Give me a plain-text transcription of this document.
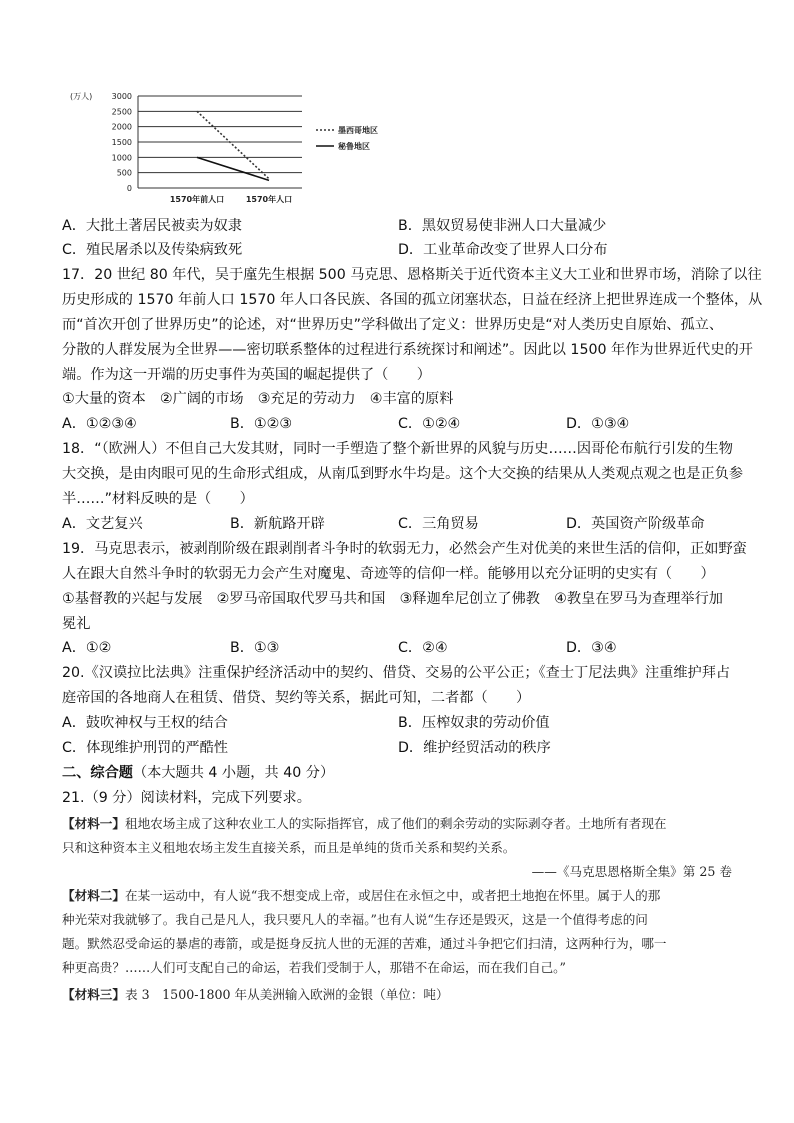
(万人)
0
500
1000
1500
2000
2500
3000
1570年前人口	1570年人口
墨西哥地区
秘鲁地区
A．大批土著居民被卖为奴隶	B．黑奴贸易使非洲人口大量减少
C．殖民屠杀以及传染病致死	D．工业革命改变了世界人口分布
17．20 世纪 80 年代，吴于廑先生根据 500 马克思、恩格斯关于近代资本主义大工业和世界市场，消除了以往
历史形成的 1570 年前人口 1570 年人口各民族、各国的孤立闭塞状态，日益在经济上把世界连成一个整体，从
而“首次开创了世界历史”的论述，对“世界历史”学科做出了定义：世界历史是“对人类历史自原始、孤立、
分散的人群发展为全世界——密切联系整体的过程进行系统探讨和阐述”。因此以 1500 年作为世界近代史的开
端。作为这一开端的历史事件为英国的崛起提供了（　　）
①大量的资本　②广阔的市场　③充足的劳动力　④丰富的原料
A．①②③④	B．①②③	C．①②④	D．①③④
18．“（欧洲人）不但自己大发其财，同时一手塑造了整个新世界的风貌与历史……因哥伦布航行引发的生物
大交换，是由肉眼可见的生命形式组成，从南瓜到野水牛均是。这个大交换的结果从人类观点观之也是正负参
半……”材料反映的是（　　）
A．文艺复兴	B．新航路开辟	C．三角贸易	D．英国资产阶级革命
19．马克思表示，被剥削阶级在跟剥削者斗争时的软弱无力，必然会产生对优美的来世生活的信仰，正如野蛮
人在跟大自然斗争时的软弱无力会产生对魔鬼、奇迹等的信仰一样。能够用以充分证明的史实有（　　）
①基督教的兴起与发展　②罗马帝国取代罗马共和国　③释迦牟尼创立了佛教　④教皇在罗马为查理举行加
冕礼
A．①②	B．①③	C．②④	D．③④
20.《汉谟拉比法典》注重保护经济活动中的契约、借贷、交易的公平公正；《查士丁尼法典》注重维护拜占
庭帝国的各地商人在租赁、借贷、契约等关系，据此可知，二者都（　　）
A．鼓吹神权与王权的结合	B．压榨奴隶的劳动价值
C．体现维护刑罚的严酷性	D．维护经贸活动的秩序
二、综合题（本大题共 4 小题，共 40 分）
21.（9 分）阅读材料，完成下列要求。
【材料一】租地农场主成了这种农业工人的实际指挥官，成了他们的剩余劳动的实际剥夺者。土地所有者现在
只和这种资本主义租地农场主发生直接关系，而且是单纯的货币关系和契约关系。
——《马克思恩格斯全集》第 25 卷
【材料二】在某一运动中，有人说“我不想变成上帝，或居住在永恒之中，或者把土地抱在怀里。属于人的那
种光荣对我就够了。我自己是凡人，我只要凡人的幸福。”也有人说“生存还是毁灭，这是一个值得考虑的问
题。默然忍受命运的暴虐的毒箭，或是挺身反抗人世的无涯的苦难，通过斗争把它们扫清，这两种行为，哪一
种更高贵？……人们可支配自己的命运，若我们受制于人，那错不在命运，而在我们自己。”
【材料三】表 3　1500-1800 年从美洲输入欧洲的金银（单位：吨）
